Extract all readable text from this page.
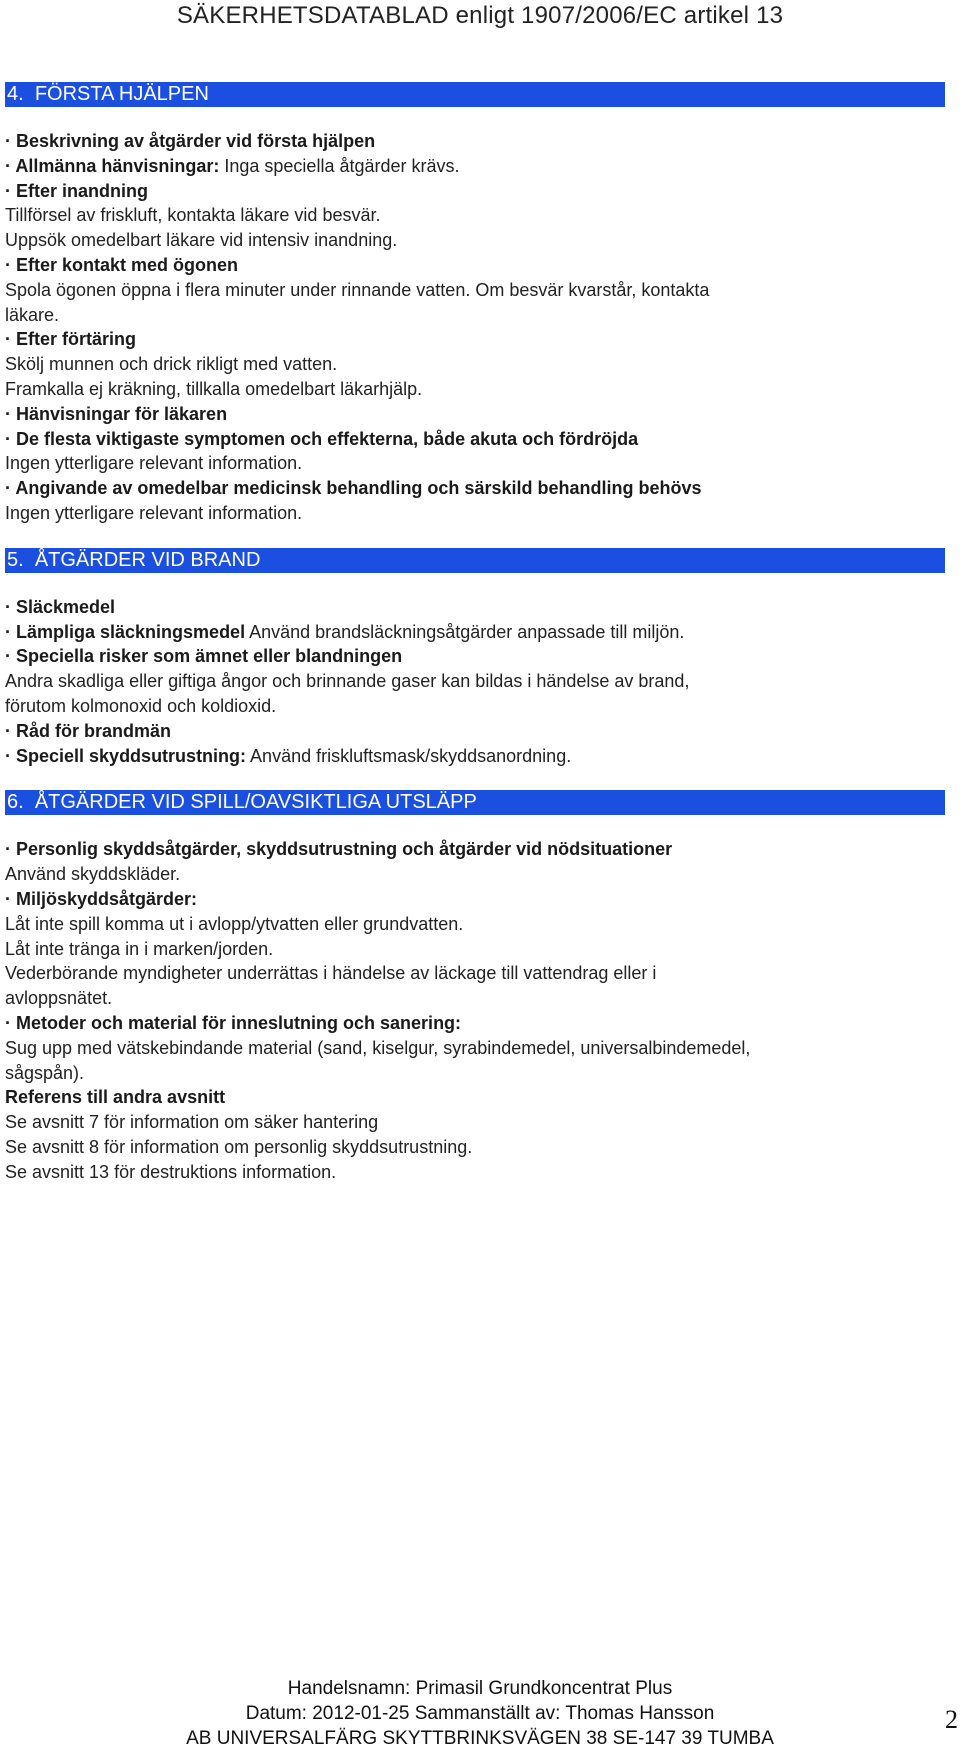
SÄKERHETSDATABLAD enligt 1907/2006/EC artikel 13
4. FÖRSTA HJÄLPEN
· Beskrivning av åtgärder vid första hjälpen
· Allmänna hänvisningar: Inga speciella åtgärder krävs.
· Efter inandning
Tillförsel av friskluft, kontakta läkare vid besvär.
Uppsök omedelbart läkare vid intensiv inandning.
· Efter kontakt med ögonen
Spola ögonen öppna i flera minuter under rinnande vatten. Om besvär kvarstår, kontakta
läkare.
· Efter förtäring
Skölj munnen och drick rikligt med vatten.
Framkalla ej kräkning, tillkalla omedelbart läkarhjälp.
· Hänvisningar för läkaren
· De flesta viktigaste symptomen och effekterna, både akuta och fördröjda
Ingen ytterligare relevant information.
· Angivande av omedelbar medicinsk behandling och särskild behandling behövs
Ingen ytterligare relevant information.
5. ÅTGÄRDER VID BRAND
· Släckmedel
· Lämpliga släckningsmedel Använd brandsläckningsåtgärder anpassade till miljön.
· Speciella risker som ämnet eller blandningen
Andra skadliga eller giftiga ångor och brinnande gaser kan bildas i händelse av brand,
förutom kolmonoxid och koldioxid.
· Råd för brandmän
· Speciell skyddsutrustning: Använd friskluftsmask/skyddsanordning.
6. ÅTGÄRDER VID SPILL/OAVSIKTLIGA UTSLÄPP
· Personlig skyddsåtgärder, skyddsutrustning och åtgärder vid nödsituationer
Använd skyddskläder.
· Miljöskyddsåtgärder:
Låt inte spill komma ut i avlopp/ytvatten eller grundvatten.
Låt inte tränga in i marken/jorden.
Vederbörande myndigheter underrättas i händelse av läckage till vattendrag eller i
avloppsnätet.
· Metoder och material för inneslutning och sanering:
Sug upp med vätskebindande material (sand, kiselgur, syrabindemedel, universalbindemedel,
sågspån).
Referens till andra avsnitt
Se avsnitt 7 för information om säker hantering
Se avsnitt 8 för information om personlig skyddsutrustning.
Se avsnitt 13 för destruktions information.
Handelsnamn: Primasil Grundkoncentrat Plus
Datum: 2012-01-25 Sammanställt av: Thomas Hansson
AB UNIVERSALFÄRG SKYTTBRINKSVÄGEN 38 SE-147 39 TUMBA
2
